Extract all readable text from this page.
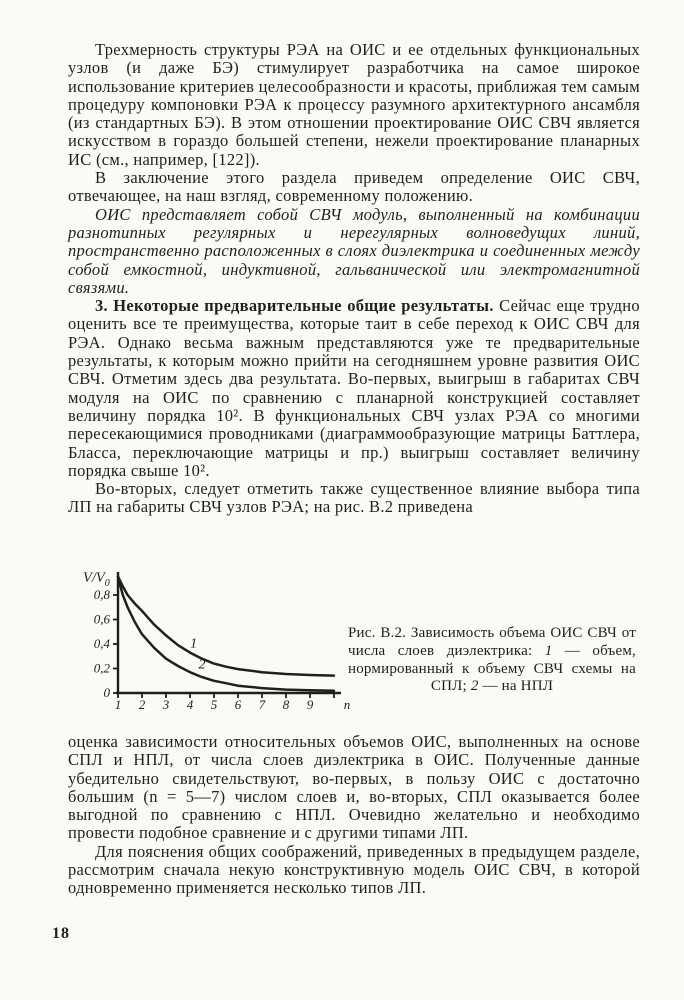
Трехмерность структуры РЭА на ОИС и ее отдельных функциональных узлов (и даже БЭ) стимулирует разработчика на самое широкое использование критериев целесообразности и красоты, приближая тем самым процедуру компоновки РЭА к процессу разумного архитектурного ансамбля (из стандартных БЭ). В этом отношении проектирование ОИС СВЧ является искусством в гораздо большей степени, нежели проектирование планарных ИС (см., например, [122]).

В заключение этого раздела приведем определение ОИС СВЧ, отвечающее, на наш взгляд, современному положению.

ОИС представляет собой СВЧ модуль, выполненный на комбинации разнотипных регулярных и нерегулярных волноведущих линий, пространственно расположенных в слоях диэлектрика и соединенных между собой емкостной, индуктивной, гальванической или электромагнитной связями.

3. Некоторые предварительные общие результаты. Сейчас еще трудно оценить все те преимущества, которые таит в себе переход к ОИС СВЧ для РЭА. Однако весьма важным представляются уже те предварительные результаты, к которым можно прийти на сегодняшнем уровне развития ОИС СВЧ. Отметим здесь два результата. Во-первых, выигрыш в габаритах СВЧ модуля на ОИС по сравнению с планарной конструкцией составляет величину порядка 10². В функциональных СВЧ узлах РЭА со многими пересекающимися проводниками (диаграммообразующие матрицы Баттлера, Бласса, переключающие матрицы и пр.) выигрыш составляет величину порядка свыше 10².

Во-вторых, следует отметить также существенное влияние выбора типа ЛП на габариты СВЧ узлов РЭА; на рис. В.2 приведена

1 2 3 4 5 6 7 8 9 n
0
0,2
0,4
0,6
0,8
$V/V_0$
1
2
Рис. В.2. Зависимость объема ОИС СВЧ от числа слоев диэлектрика: 1 — объем, нормированный к объему СВЧ схемы на СПЛ; 2 — на НПЛ

оценка зависимости относительных объемов ОИС, выполненных на основе СПЛ и НПЛ, от числа слоев диэлектрика в ОИС. Полученные данные убедительно свидетельствуют, во-первых, в пользу ОИС с достаточно большим (n = 5—7) числом слоев и, во-вторых, СПЛ оказывается более выгодной по сравнению с НПЛ. Очевидно желательно и необходимо провести подобное сравнение и с другими типами ЛП.

Для пояснения общих соображений, приведенных в предыдущем разделе, рассмотрим сначала некую конструктивную модель ОИС СВЧ, в которой одновременно применяется несколько типов ЛП.

18
